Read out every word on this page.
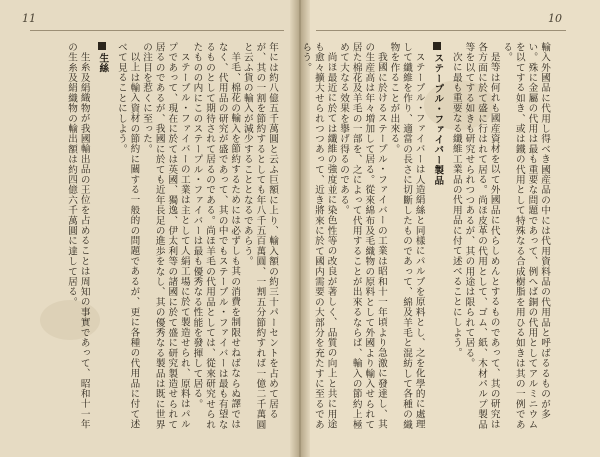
11	10

輸入外國品に代用し得べき國産品の中には代用資料品の代用品と呼ばるるものが多い。殊に金屬の代用は最も重要な問題であって、例へば銅の代用としてアルミニウムを以てする如き、或は鐵の代用として特殊なる合成樹脂を用ひる如きは其の一例である。

是等は何れも國産資材を以て外國品に代らしめんとするものであって、其の研究は各方面に於て盛に行はれて居る。尚ほ皮革の代用として、ゴム、紙、木材パルプ製品等を以てする如きも研究せられつつあるが、其の用途は限られて居る。

次に最も重要なる纖維工業品の代用品に付て述べることにしよう。

ステープル・ファイバー製品

ステープル・ファイバーは人造絹絲と同樣にパルプを原料とし、之を化學的に處理して纖維を作り、適當の長さに切斷したものであって、綿及羊毛と混紡して各種の織物を作ることが出來る。

我國に於けるステープル・ファイバーの工業は昭和十一年頃より急激に發達し、其の生産高は年々増加して居る。從來綿布及毛織物の原料として外國より輸入せられて居た棉花及羊毛の一部を、之によって代用することが出來るならば、輸入の節約上極めて大なる效果を擧げ得るのである。

尚ほ最近に於ては纖維の強度並に染色性等の改良が著しく、品質の向上と共に用途も愈々擴大せられつつあって、近き將來に於て國内需要の大部分を充たすに至るであらう。

年には約八億五千萬圓と云ふ巨額に上り、輸入額の約三十パーセントを占めて居るが、其の一割を節約するとしても年八千五百萬圓、一割五分節約すれば一億二千萬圓と云ふ貨の輸入が減少することとなるであらう。

羊毛、棉花の輸入を節約するためには必ずしも其の消費を制限せねばならぬ譯ではなく、代用品の研究が盛であって、其の中でもステープル・ファイバーは最も有望なるものとして期待されて居るのである。尚ほ羊毛の代用品としては、從來研究せられたものの内にこのステープル・ファイバーは最も優秀なる性能を發揮して居る。

ステープル・ファイバーの工業は主として人絹工場に於て製造せられ、原料はパルプであって、現在に於ては英國、獨逸、伊太利等の諸國に於て盛に研究製造せられて居るのであるが、我國に於ても近年長足の進歩をなし、其の優秀なる製品は既に世界の注目を惹くに至った。

以上は輸入資材の節約に關する一般的の問題であるが、更に各種の代用品に付て述べて見ることにしよう。

生絲

生糸及絹織物が我國輸出品の王位を占めることは周知の事實であって、昭和十一年の生糸及絹織物の輸出額は約四億六千萬圓に達して居る。
